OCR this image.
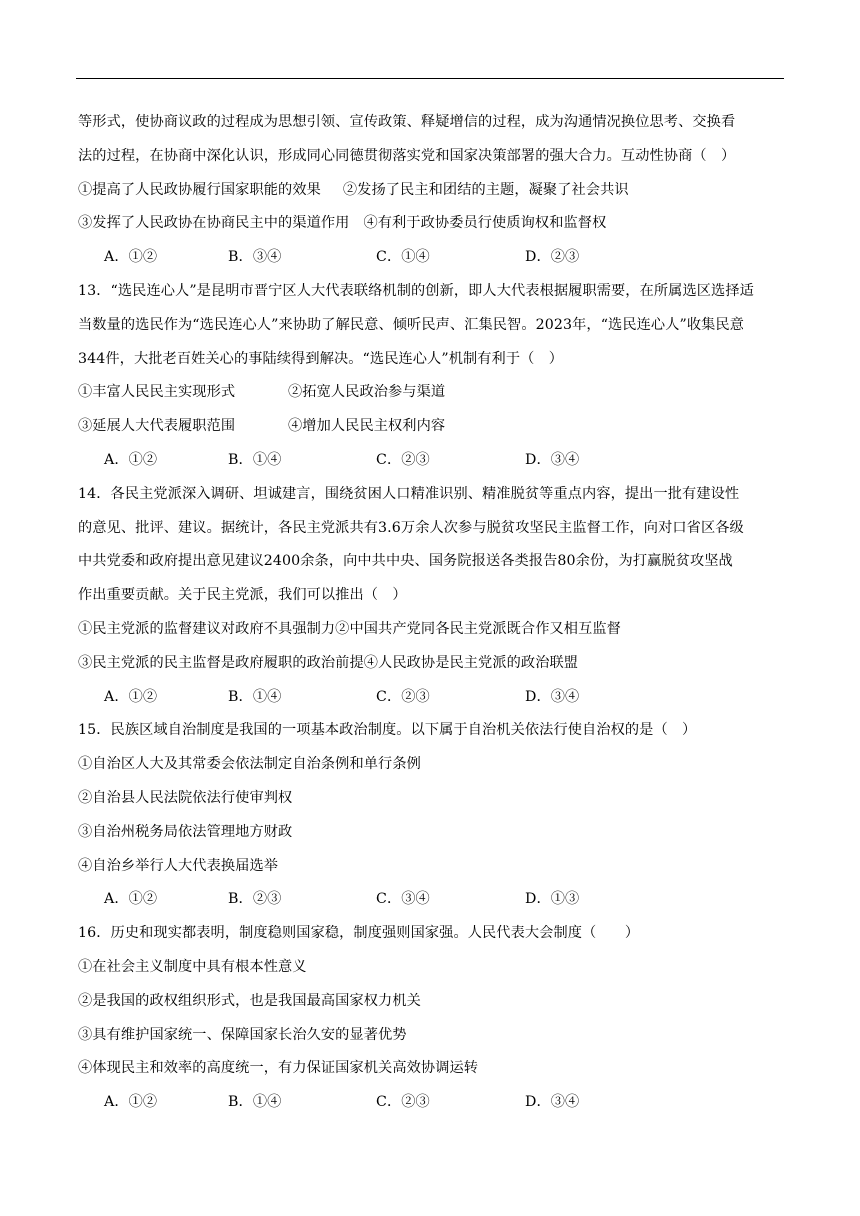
等形式，使协商议政的过程成为思想引领、宣传政策、释疑增信的过程，成为沟通情况换位思考、交换看
法的过程，在协商中深化认识，形成同心同德贯彻落实党和国家决策部署的强大合力。互动性协商（　）
①提高了人民政协履行国家职能的效果 ②发扬了民主和团结的主题，凝聚了社会共识
③发挥了人民政协在协商民主中的渠道作用 ④有利于政协委员行使质询权和监督权
A．①②	B．③④	C．①④	D．②③
13．“选民连心人”是昆明市晋宁区人大代表联络机制的创新，即人大代表根据履职需要，在所属选区选择适
当数量的选民作为“选民连心人”来协助了解民意、倾听民声、汇集民智。2023年，“选民连心人”收集民意
344件，大批老百姓关心的事陆续得到解决。“选民连心人”机制有利于（　）
①丰富人民民主实现形式	②拓宽人民政治参与渠道
③延展人大代表履职范围	④增加人民民主权利内容
A．①②	B．①④	C．②③	D．③④
14．各民主党派深入调研、坦诚建言，围绕贫困人口精准识别、精准脱贫等重点内容，提出一批有建设性
的意见、批评、建议。据统计，各民主党派共有3.6万余人次参与脱贫攻坚民主监督工作，向对口省区各级
中共党委和政府提出意见建议2400余条，向中共中央、国务院报送各类报告80余份，为打赢脱贫攻坚战
作出重要贡献。关于民主党派，我们可以推出（　）
①民主党派的监督建议对政府不具强制力②中国共产党同各民主党派既合作又相互监督
③民主党派的民主监督是政府履职的政治前提④人民政协是民主党派的政治联盟
A．①②	B．①④	C．②③	D．③④
15．民族区域自治制度是我国的一项基本政治制度。以下属于自治机关依法行使自治权的是（　）
①自治区人大及其常委会依法制定自治条例和单行条例
②自治县人民法院依法行使审判权
③自治州税务局依法管理地方财政
④自治乡举行人大代表换届选举
A．①②	B．②③	C．③④	D．①③
16．历史和现实都表明，制度稳则国家稳，制度强则国家强。人民代表大会制度（　　）
①在社会主义制度中具有根本性意义
②是我国的政权组织形式，也是我国最高国家权力机关
③具有维护国家统一、保障国家长治久安的显著优势
④体现民主和效率的高度统一，有力保证国家机关高效协调运转
A．①②	B．①④	C．②③	D．③④
